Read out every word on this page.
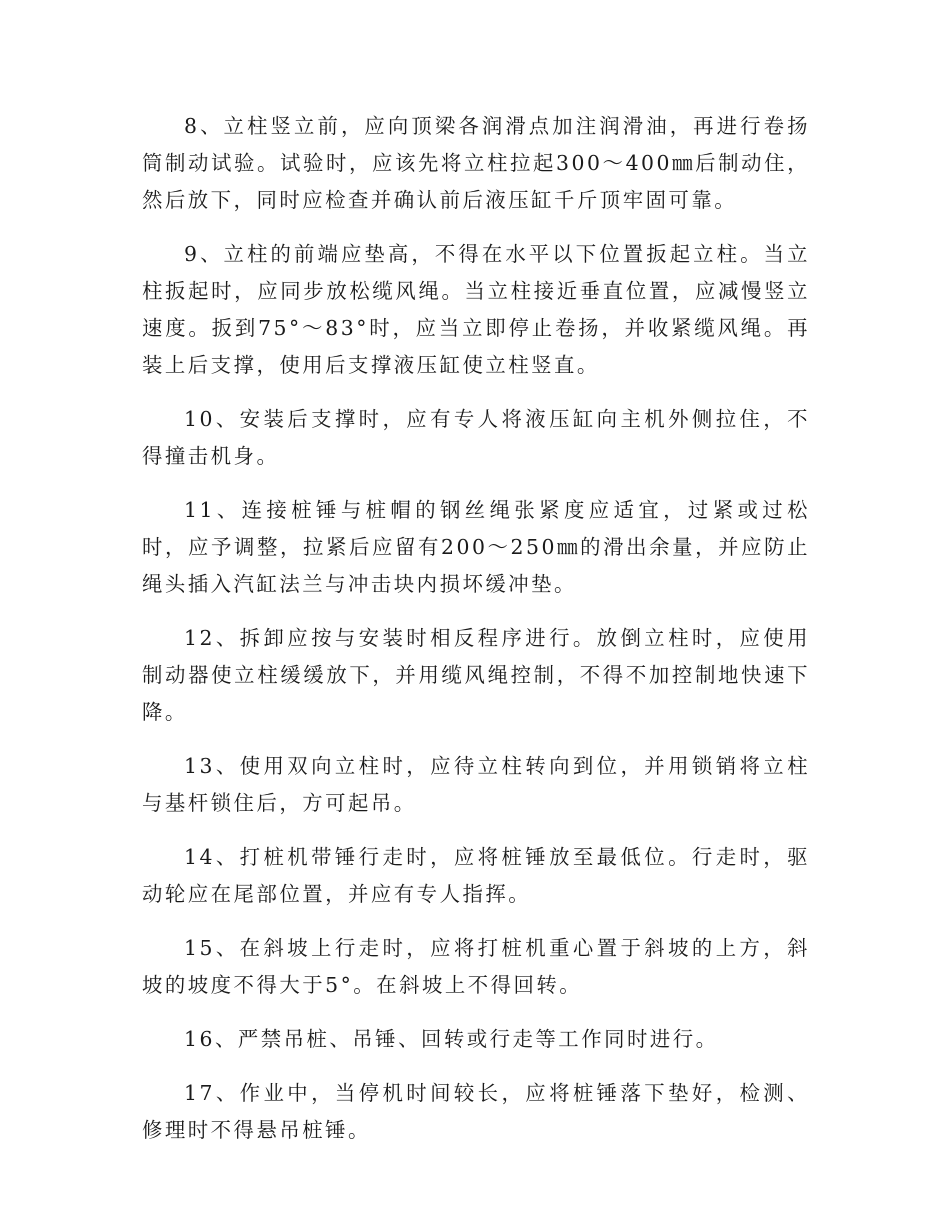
8、立柱竖立前，应向顶梁各润滑点加注润滑油，再进行卷扬筒制动试验。试验时，应该先将立柱拉起300～400㎜后制动住，然后放下，同时应检查并确认前后液压缸千斤顶牢固可靠。

9、立柱的前端应垫高，不得在水平以下位置扳起立柱。当立柱扳起时，应同步放松缆风绳。当立柱接近垂直位置，应减慢竖立速度。扳到75°～83°时，应当立即停止卷扬，并收紧缆风绳。再装上后支撑，使用后支撑液压缸使立柱竖直。

10、安装后支撑时，应有专人将液压缸向主机外侧拉住，不得撞击机身。

11、连接桩锤与桩帽的钢丝绳张紧度应适宜，过紧或过松时，应予调整，拉紧后应留有200～250㎜的滑出余量，并应防止绳头插入汽缸法兰与冲击块内损坏缓冲垫。

12、拆卸应按与安装时相反程序进行。放倒立柱时，应使用制动器使立柱缓缓放下，并用缆风绳控制，不得不加控制地快速下降。

13、使用双向立柱时，应待立柱转向到位，并用锁销将立柱与基杆锁住后，方可起吊。

14、打桩机带锤行走时，应将桩锤放至最低位。行走时，驱动轮应在尾部位置，并应有专人指挥。

15、在斜坡上行走时，应将打桩机重心置于斜坡的上方，斜坡的坡度不得大于5°。在斜坡上不得回转。

16、严禁吊桩、吊锤、回转或行走等工作同时进行。

17、作业中，当停机时间较长，应将桩锤落下垫好，检测、修理时不得悬吊桩锤。
